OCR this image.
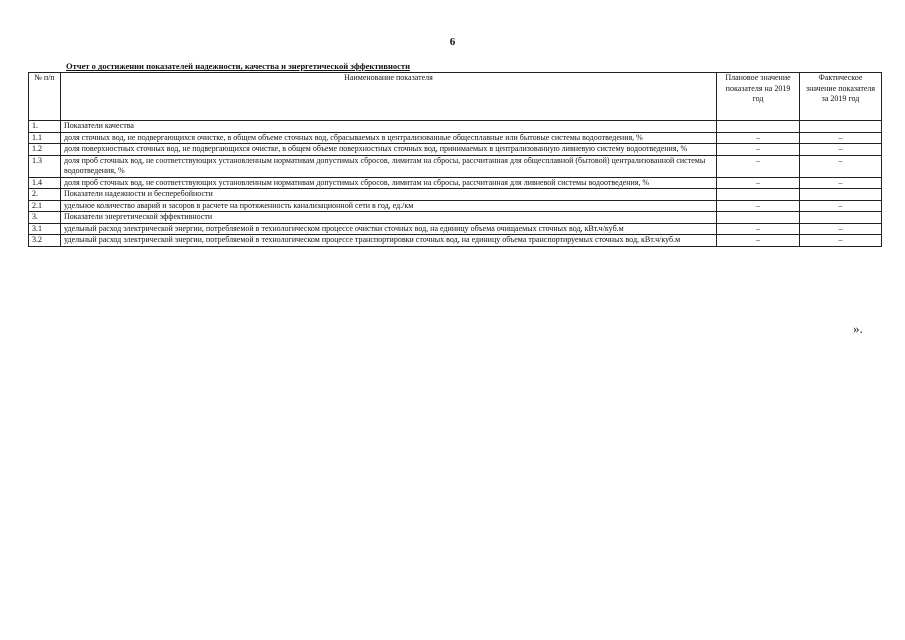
6
Отчет о достижении показателей надежности, качества и энергетической эффективности
№ п/п	Наименование показателя	Плановое значение показателя на 2019 год	Фактическое значение показателя за 2019 год
1.	Показатели качества		
1.1	доля сточных вод, не подвергающихся очистке, в общем объеме сточных вод, сбрасываемых в централизованные общесплавные или бытовые системы водоотведения, %	–	–
1.2	доля поверхностных сточных вод, не подвергающихся очистке, в общем объеме поверхностных сточных вод, принимаемых в централизованную ливневую систему водоотведения, %	–	–
1.3	доля проб сточных вод, не соответствующих установленным нормативам допустимых сбросов, лимитам на сбросы, рассчитанная для общесплавной (бытовой) централизованной системы водоотведения, %	–	–
1.4	доля проб сточных вод, не соответствующих установленным нормативам допустимых сбросов, лимитам на сбросы, рассчитанная для ливневой системы водоотведения, %	–	–
2.	Показатели надежности и бесперебойности		
2.1	удельное количество аварий и засоров в расчете на протяженность канализационной сети в год, ед./км	–	–
3.	Показатели энергетической эффективности		
3.1	удельный расход электрической энергии, потребляемой в технологическом процессе очистки сточных вод, на единицу объема очищаемых сточных вод, кВт.ч/куб.м	–	–
3.2	удельный расход электрической энергии, потребляемой в технологическом процессе транспортировки сточных вод, на единицу объема транспортируемых сточных вод, кВт.ч/куб.м	–	–
».
